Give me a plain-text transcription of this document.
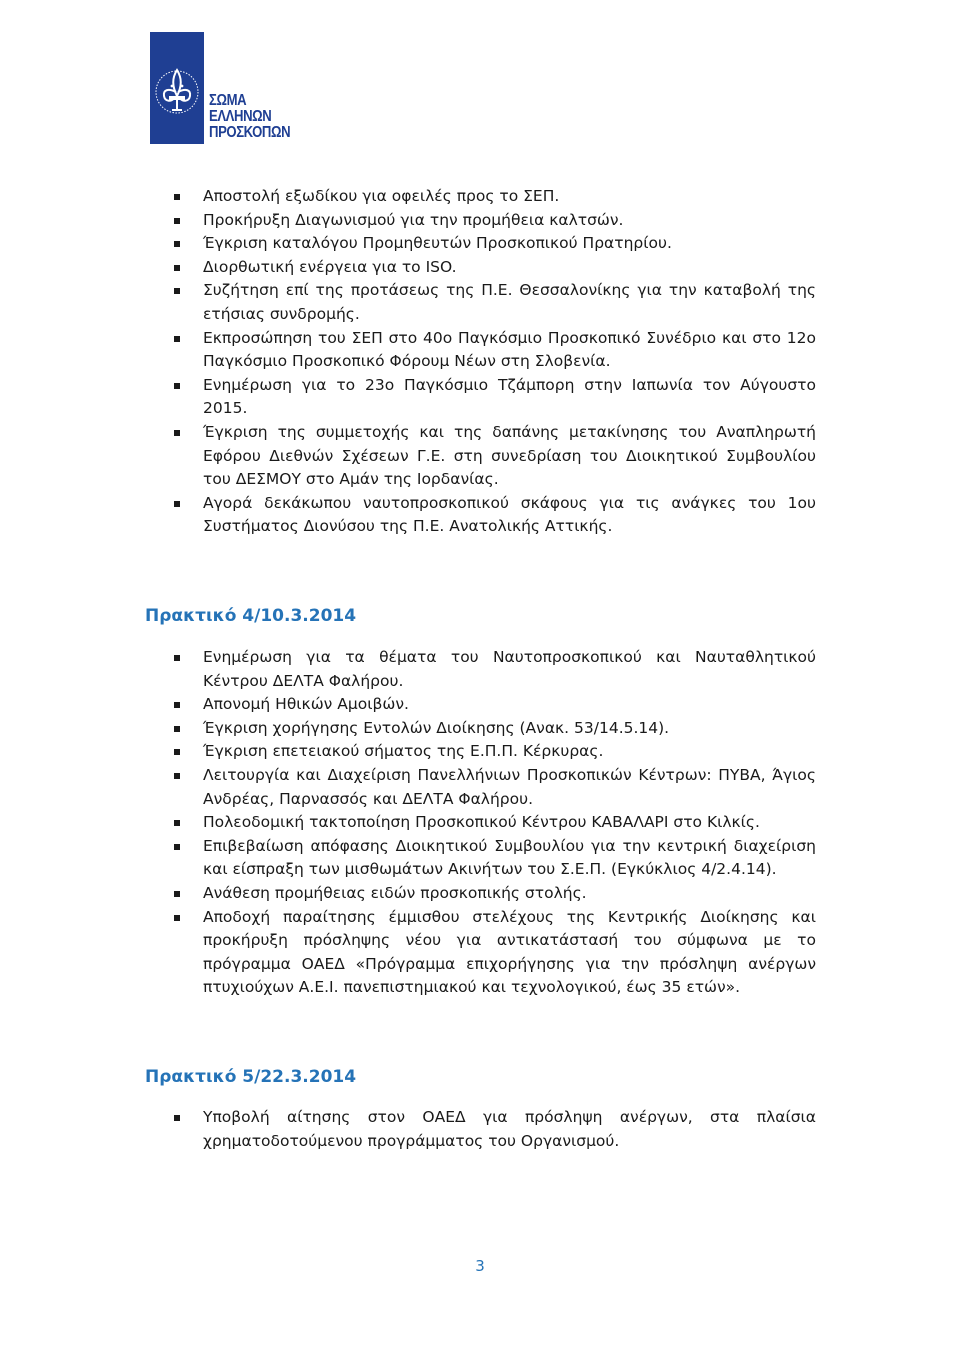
ΣΩΜΑ
ΕΛΛΗΝΩΝ
ΠΡΟΣΚΟΠΩΝ
Αποστολή εξωδίκου για οφειλές προς το ΣΕΠ.
Προκήρυξη Διαγωνισμού για την προμήθεια καλτσών.
Έγκριση καταλόγου Προμηθευτών Προσκοπικού Πρατηρίου.
Διορθωτική ενέργεια για το ISO.
Συζήτηση επί της προτάσεως της Π.Ε. Θεσσαλονίκης για την καταβολή της ετήσιας συνδρομής.
Εκπροσώπηση του ΣΕΠ στο 40ο Παγκόσμιο Προσκοπικό Συνέδριο και στο 12ο Παγκόσμιο Προσκοπικό Φόρουμ Νέων στη Σλοβενία.
Ενημέρωση για το 23ο Παγκόσμιο Τζάμπορη στην Ιαπωνία τον Αύγουστο 2015.
Έγκριση της συμμετοχής και της δαπάνης μετακίνησης του Αναπληρωτή Εφόρου Διεθνών Σχέσεων Γ.Ε. στη συνεδρίαση του Διοικητικού Συμβουλίου του ΔΕΣΜΟΥ στο Αμάν της Ιορδανίας.
Αγορά δεκάκωπου ναυτοπροσκοπικού σκάφους για τις ανάγκες του 1ου Συστήματος Διονύσου της Π.Ε. Ανατολικής Αττικής.
Πρακτικό 4/10.3.2014
Ενημέρωση για τα θέματα του Ναυτοπροσκοπικού και Ναυταθλητικού Κέντρου ΔΕΛΤΑ Φαλήρου.
Απονομή Ηθικών Αμοιβών.
Έγκριση χορήγησης Εντολών Διοίκησης (Ανακ. 53/14.5.14).
Έγκριση επετειακού σήματος της Ε.Π.Π. Κέρκυρας.
Λειτουργία και Διαχείριση Πανελλήνιων Προσκοπικών Κέντρων: ΠΥΒΑ, Άγιος Ανδρέας, Παρνασσός και ΔΕΛΤΑ Φαλήρου.
Πολεοδομική τακτοποίηση Προσκοπικού Κέντρου ΚΑΒΑΛΑΡΙ στο Κιλκίς.
Επιβεβαίωση απόφασης Διοικητικού Συμβουλίου για την κεντρική διαχείριση και είσπραξη των μισθωμάτων Ακινήτων του Σ.Ε.Π. (Εγκύκλιος 4/2.4.14).
Ανάθεση προμήθειας ειδών προσκοπικής στολής.
Αποδοχή παραίτησης έμμισθου στελέχους της Κεντρικής Διοίκησης και προκήρυξη πρόσληψης νέου για αντικατάστασή του σύμφωνα με το πρόγραμμα ΟΑΕΔ «Πρόγραμμα επιχορήγησης για την πρόσληψη ανέργων πτυχιούχων Α.Ε.Ι. πανεπιστημιακού και τεχνολογικού, έως 35 ετών».
Πρακτικό 5/22.3.2014
Υποβολή αίτησης στον ΟΑΕΔ για πρόσληψη ανέργων, στα πλαίσια χρηματοδοτούμενου προγράμματος του Οργανισμού.
3
